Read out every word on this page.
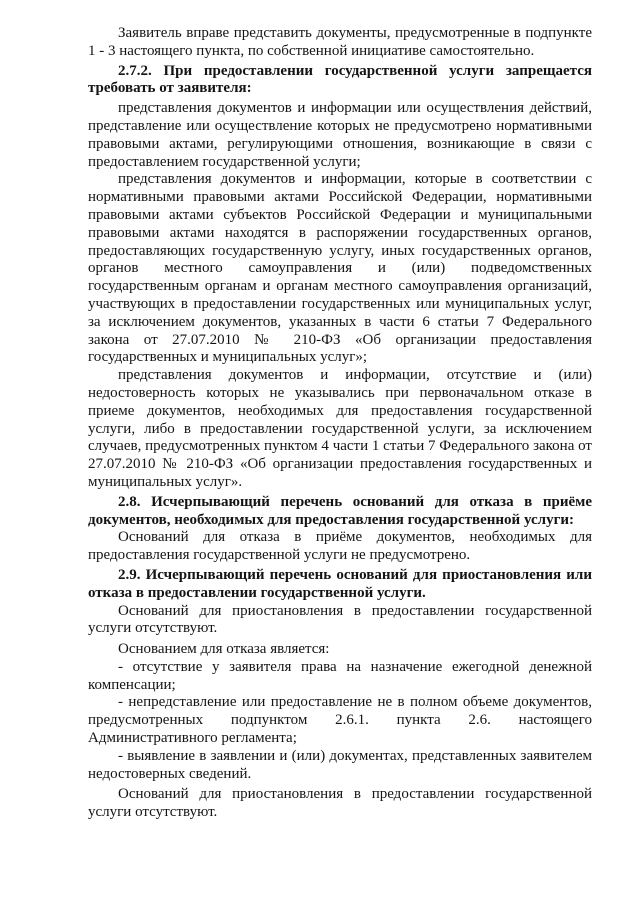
Заявитель вправе представить документы, предусмотренные в подпункте 1 - 3 настоящего пункта, по собственной инициативе самостоятельно.

2.7.2. При предоставлении государственной услуги запрещается требовать от заявителя:

представления документов и информации или осуществления действий, представление или осуществление которых не предусмотрено нормативными правовыми актами, регулирующими отношения, возникающие в связи с предоставлением государственной услуги;

представления документов и информации, которые в соответствии с нормативными правовыми актами Российской Федерации, нормативными правовыми актами субъектов Российской Федерации и муниципальными правовыми актами находятся в распоряжении государственных органов, предоставляющих государственную услугу, иных государственных органов, органов местного самоуправления и (или) подведомственных государственным органам и органам местного самоуправления организаций, участвующих в предоставлении государственных или муниципальных услуг, за исключением документов, указанных в части 6 статьи 7 Федерального закона от 27.07.2010 № 210-ФЗ «Об организации предоставления государственных и муниципальных услуг»;

представления документов и информации, отсутствие и (или) недостоверность которых не указывались при первоначальном отказе в приеме документов, необходимых для предоставления государственной услуги, либо в предоставлении государственной услуги, за исключением случаев, предусмотренных пунктом 4 части 1 статьи 7 Федерального закона от 27.07.2010 № 210-ФЗ «Об организации предоставления государственных и муниципальных услуг».

2.8. Исчерпывающий перечень оснований для отказа в приёме документов, необходимых для предоставления государственной услуги:

Оснований для отказа в приёме документов, необходимых для предоставления государственной услуги не предусмотрено.

2.9. Исчерпывающий перечень оснований для приостановления или отказа в предоставлении государственной услуги.

Оснований для приостановления в предоставлении государственной услуги отсутствуют.

Основанием для отказа является:

- отсутствие у заявителя права на назначение ежегодной денежной компенсации;

- непредставление или предоставление не в полном объеме документов, предусмотренных подпунктом 2.6.1. пункта 2.6. настоящего Административного регламента;

- выявление в заявлении и (или) документах, представленных заявителем недостоверных сведений.

Оснований для приостановления в предоставлении государственной услуги отсутствуют.
